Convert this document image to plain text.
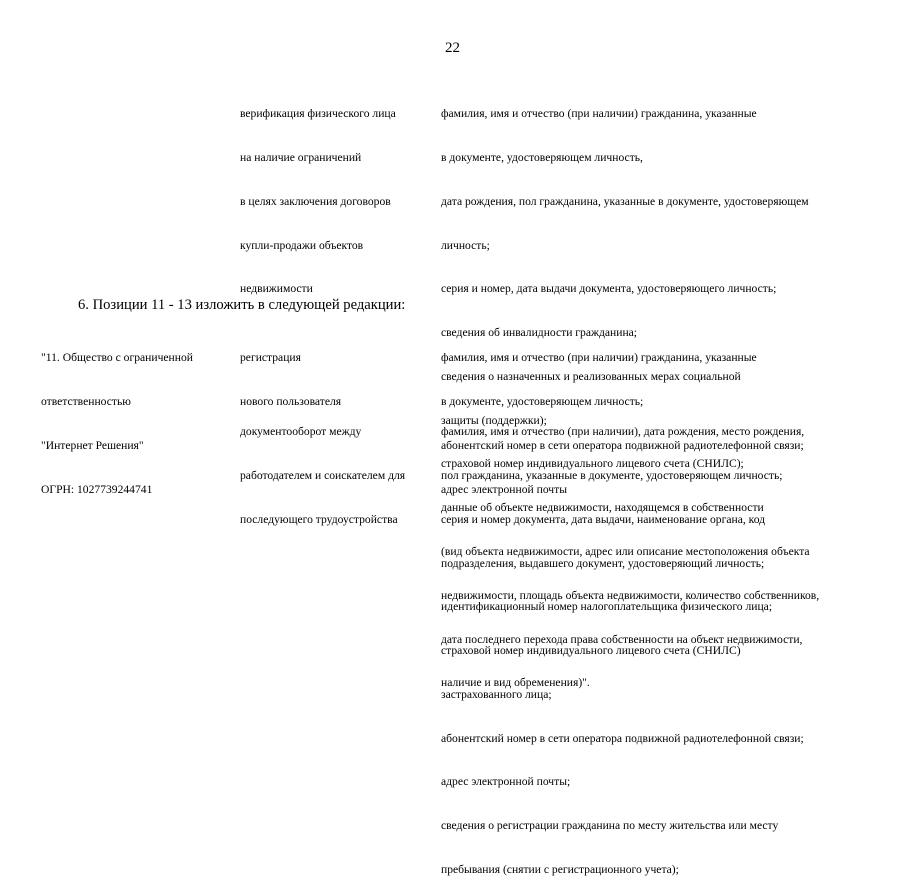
22

верификация физического лица

на наличие ограничений

в целях заключения договоров

купли-продажи объектов

недвижимости

фамилия, имя и отчество (при наличии) гражданина, указанные

в документе, удостоверяющем личность,

дата рождения, пол гражданина, указанные в документе, удостоверяющем

личность;

серия и номер, дата выдачи документа, удостоверяющего личность;

сведения об инвалидности гражданина;

сведения о назначенных и реализованных мерах социальной

защиты (поддержки);

страховой номер индивидуального лицевого счета (СНИЛС);

данные об объекте недвижимости, находящемся в собственности

(вид объекта недвижимости, адрес или описание местоположения объекта

недвижимости, площадь объекта недвижимости, количество собственников,

дата последнего перехода права собственности на объект недвижимости,

наличие и вид обременения)".

6. Позиции 11 - 13 изложить в следующей редакции:

"11. Общество с ограниченной

ответственностью

"Интернет Решения"

ОГРН: 1027739244741

регистрация

нового пользователя

фамилия, имя и отчество (при наличии) гражданина, указанные

в документе, удостоверяющем личность;

абонентский номер в сети оператора подвижной радиотелефонной связи;

адрес электронной почты

документооборот между

работодателем и соискателем для

последующего трудоустройства

фамилия, имя и отчество (при наличии), дата рождения, место рождения,

пол гражданина, указанные в документе, удостоверяющем личность;

серия и номер документа, дата выдачи, наименование органа, код

подразделения, выдавшего документ, удостоверяющий личность;

идентификационный номер налогоплательщика физического лица;

страховой номер индивидуального лицевого счета (СНИЛС)

застрахованного лица;

абонентский номер в сети оператора подвижной радиотелефонной связи;

адрес электронной почты;

сведения о регистрации гражданина по месту жительства или месту

пребывания (снятии с регистрационного учета);
